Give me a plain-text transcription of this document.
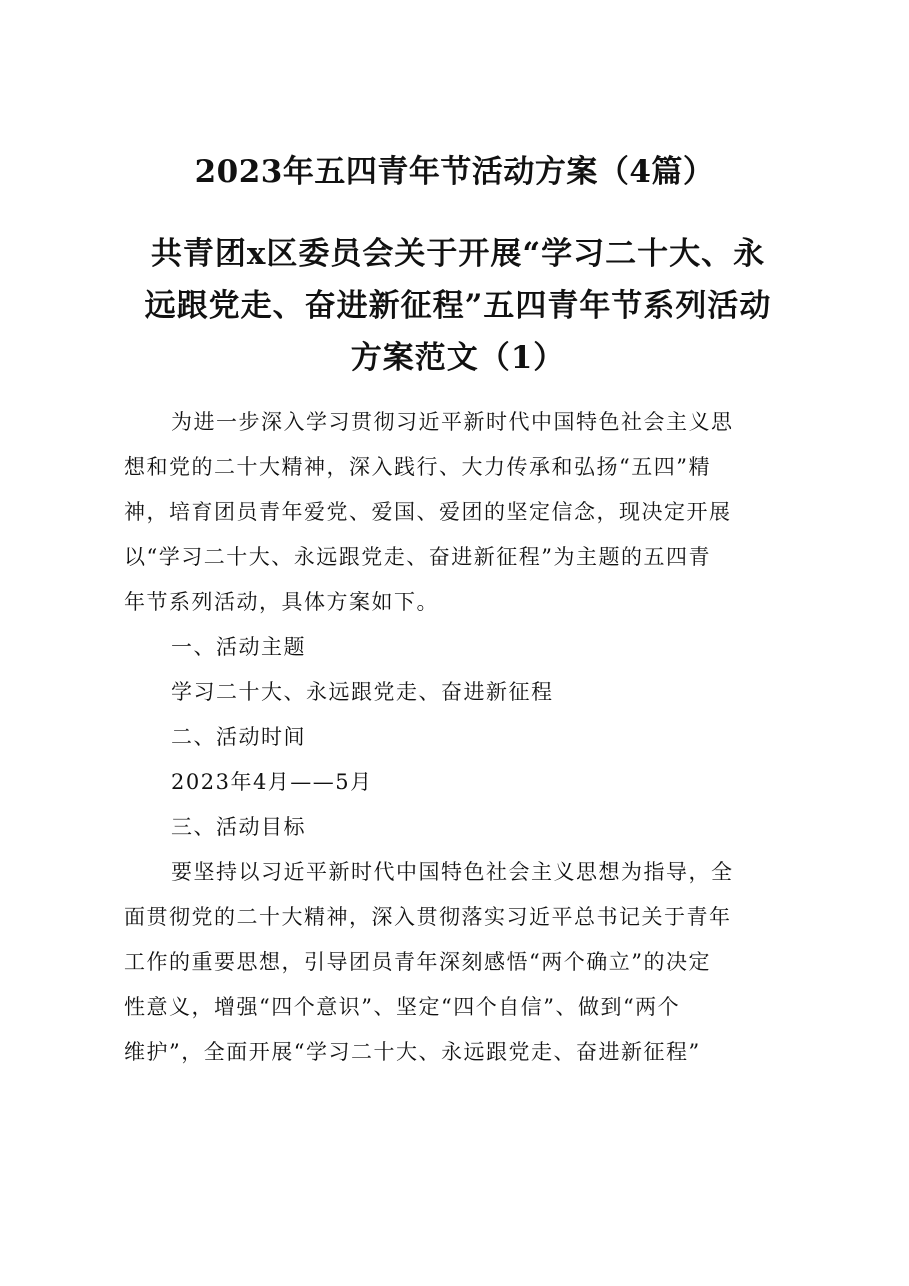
2023年五四青年节活动方案（4篇）
共青团x区委员会关于开展“学习二十大、永
远跟党走、奋进新征程”五四青年节系列活动
方案范文（1）
为进一步深入学习贯彻习近平新时代中国特色社会主义思
想和党的二十大精神，深入践行、大力传承和弘扬“五四”精
神，培育团员青年爱党、爱国、爱团的坚定信念，现决定开展
以“学习二十大、永远跟党走、奋进新征程”为主题的五四青
年节系列活动，具体方案如下。
一、活动主题
学习二十大、永远跟党走、奋进新征程
二、活动时间
2023年4月——5月
三、活动目标
要坚持以习近平新时代中国特色社会主义思想为指导，全
面贯彻党的二十大精神，深入贯彻落实习近平总书记关于青年
工作的重要思想，引导团员青年深刻感悟“两个确立”的决定
性意义，增强“四个意识”、坚定“四个自信”、做到“两个
维护”，全面开展“学习二十大、永远跟党走、奋进新征程”
